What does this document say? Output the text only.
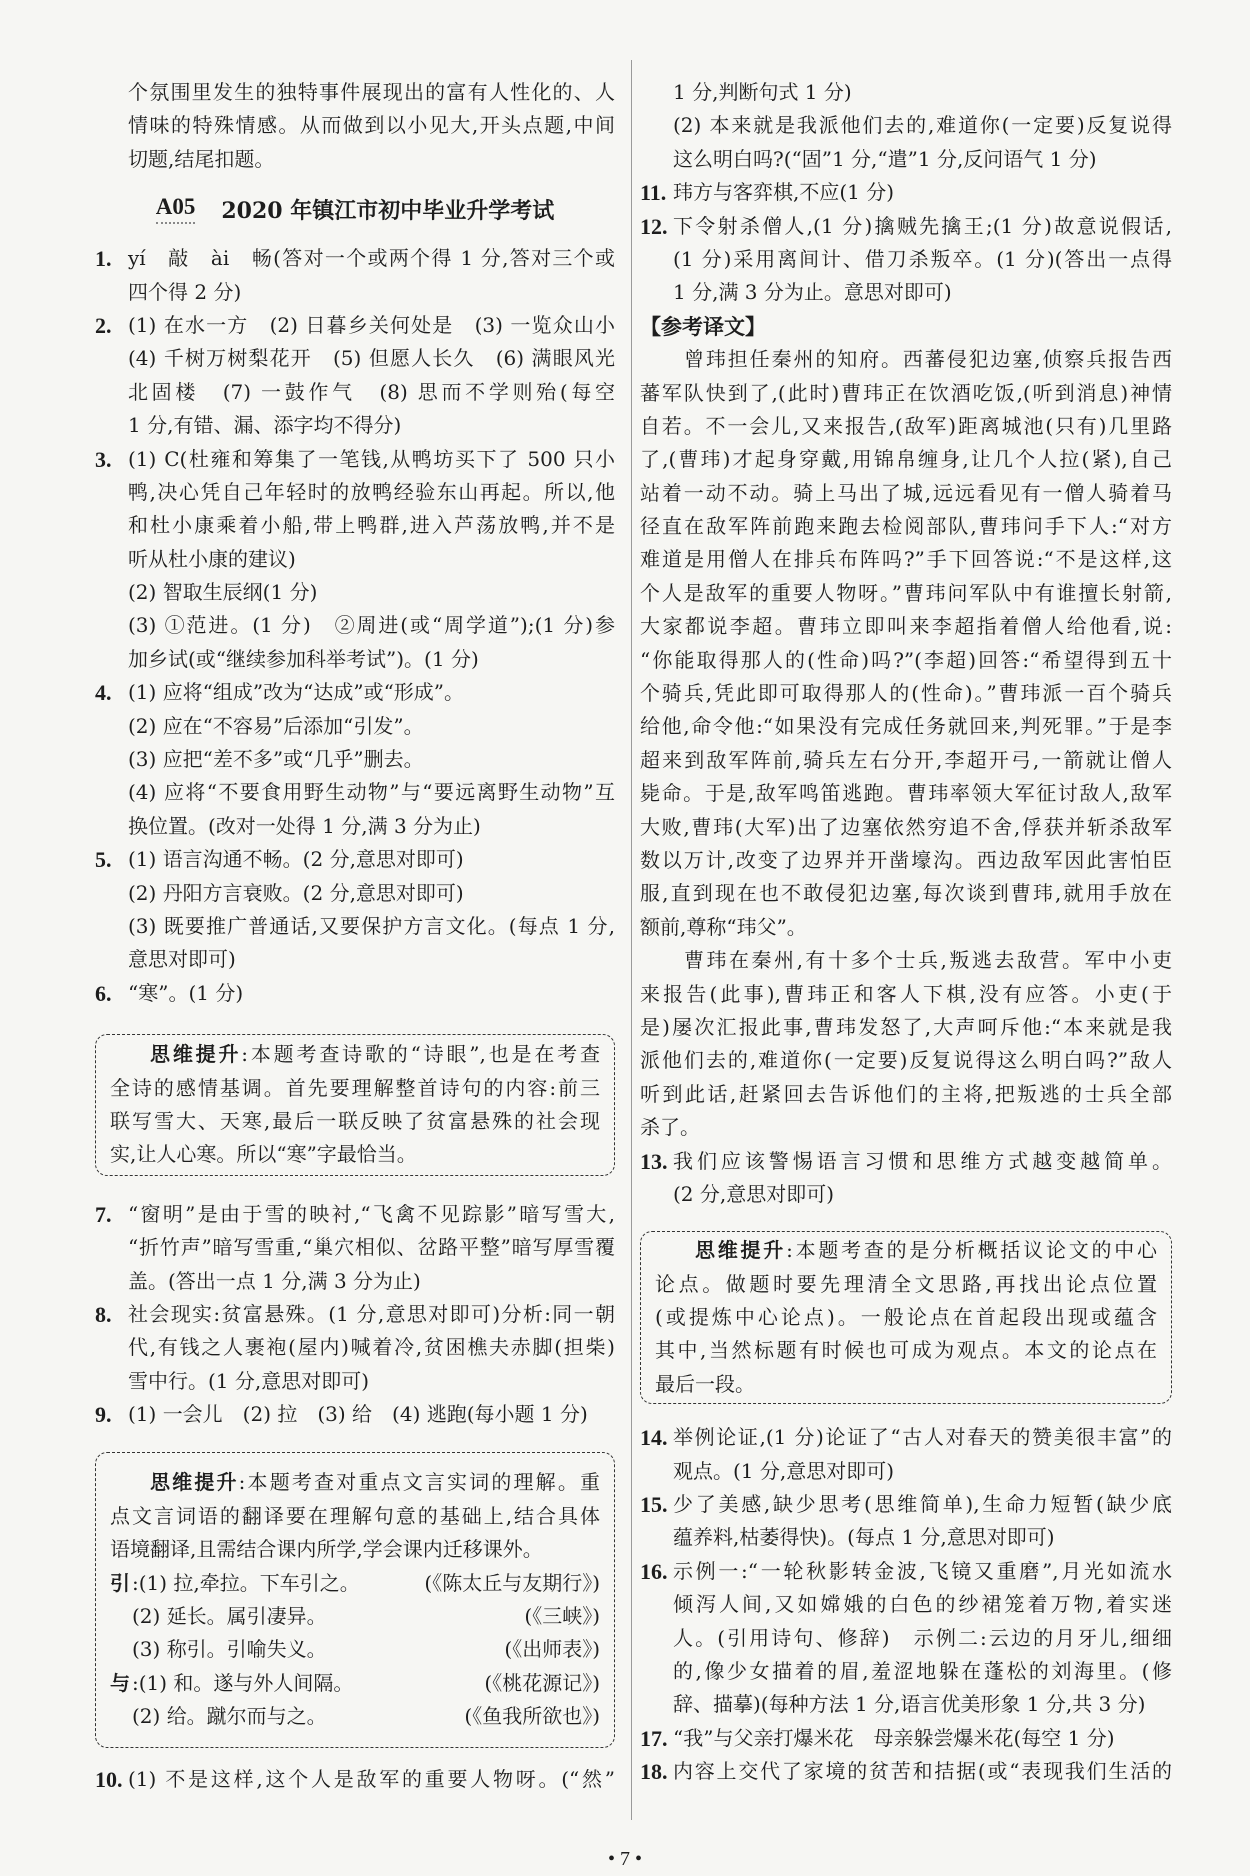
个氛围里发生的独特事件展现出的富有人性化的、人
情味的特殊情感。从而做到以小见大,开头点题,中间
切题,结尾扣题。
A05 2020 年镇江市初中毕业升学考试
1. yí　敲　ài　畅(答对一个或两个得 1 分,答对三个或
四个得 2 分)
2. (1) 在水一方　(2) 日暮乡关何处是　(3) 一览众山小
(4) 千树万树梨花开　(5) 但愿人长久　(6) 满眼风光
北固楼　(7) 一鼓作气　(8) 思而不学则殆(每空
1 分,有错、漏、添字均不得分)
3. (1) C(杜雍和筹集了一笔钱,从鸭坊买下了 500 只小
鸭,决心凭自己年轻时的放鸭经验东山再起。所以,他
和杜小康乘着小船,带上鸭群,进入芦荡放鸭,并不是
听从杜小康的建议)
(2) 智取生辰纲(1 分)
(3) ①范进。(1 分)　②周进(或“周学道”);(1 分)参
加乡试(或“继续参加科举考试”)。(1 分)
4. (1) 应将“组成”改为“达成”或“形成”。
(2) 应在“不容易”后添加“引发”。
(3) 应把“差不多”或“几乎”删去。
(4) 应将“不要食用野生动物”与“要远离野生动物”互
换位置。(改对一处得 1 分,满 3 分为止)
5. (1) 语言沟通不畅。(2 分,意思对即可)
(2) 丹阳方言衰败。(2 分,意思对即可)
(3) 既要推广普通话,又要保护方言文化。(每点 1 分,
意思对即可)
6. “寒”。(1 分)
思维提升:本题考查诗歌的“诗眼”,也是在考查
全诗的感情基调。首先要理解整首诗句的内容:前三
联写雪大、天寒,最后一联反映了贫富悬殊的社会现
实,让人心寒。所以“寒”字最恰当。
7. “窗明”是由于雪的映衬,“飞禽不见踪影”暗写雪大,
“折竹声”暗写雪重,“巢穴相似、岔路平整”暗写厚雪覆
盖。(答出一点 1 分,满 3 分为止)
8. 社会现实:贫富悬殊。(1 分,意思对即可)分析:同一朝
代,有钱之人裹袍(屋内)喊着冷,贫困樵夫赤脚(担柴)
雪中行。(1 分,意思对即可)
9. (1) 一会儿　(2) 拉　(3) 给　(4) 逃跑(每小题 1 分)
思维提升:本题考查对重点文言实词的理解。重
点文言词语的翻译要在理解句意的基础上,结合具体
语境翻译,且需结合课内所学,学会课内迁移课外。
引 :(1) 拉,牵拉。下车引之。	(《陈太丘与友期行》)
(2) 延长。属引凄异。	(《三峡》)
(3) 称引。引喻失义。	(《出师表》)
与 :(1) 和。遂与外人间隔。	(《桃花源记》)
(2) 给。蹴尔而与之。	(《鱼我所欲也》)
10. (1) 不是这样,这个人是敌军的重要人物呀。(“然”
1 分,判断句式 1 分)
(2) 本来就是我派他们去的,难道你(一定要)反复说得
这么明白吗?(“固”1 分,“遣”1 分,反问语气 1 分)
11. 玮方与客弈棋,不应(1 分)
12. 下令射杀僧人,(1 分)擒贼先擒王;(1 分)故意说假话,
(1 分)采用离间计、借刀杀叛卒。(1 分)(答出一点得
1 分,满 3 分为止。意思对即可)
【参考译文】
曾玮担任秦州的知府。西蕃侵犯边塞,侦察兵报告西
蕃军队快到了,(此时)曹玮正在饮酒吃饭,(听到消息)神情
自若。不一会儿,又来报告,(敌军)距离城池(只有)几里路
了,(曹玮)才起身穿戴,用锦帛缠身,让几个人拉(紧),自己
站着一动不动。骑上马出了城,远远看见有一僧人骑着马
径直在敌军阵前跑来跑去检阅部队,曹玮问手下人:“对方
难道是用僧人在排兵布阵吗?”手下回答说:“不是这样,这
个人是敌军的重要人物呀。”曹玮问军队中有谁擅长射箭,
大家都说李超。曹玮立即叫来李超指着僧人给他看,说:
“你能取得那人的(性命)吗?”(李超)回答:“希望得到五十
个骑兵,凭此即可取得那人的(性命)。”曹玮派一百个骑兵
给他,命令他:“如果没有完成任务就回来,判死罪。”于是李
超来到敌军阵前,骑兵左右分开,李超开弓,一箭就让僧人
毙命。于是,敌军鸣笛逃跑。曹玮率领大军征讨敌人,敌军
大败,曹玮(大军)出了边塞依然穷追不舍,俘获并斩杀敌军
数以万计,改变了边界并开凿壕沟。西边敌军因此害怕臣
服,直到现在也不敢侵犯边塞,每次谈到曹玮,就用手放在
额前,尊称“玮父”。
曹玮在秦州,有十多个士兵,叛逃去敌营。军中小吏
来报告(此事),曹玮正和客人下棋,没有应答。小吏(于
是)屡次汇报此事,曹玮发怒了,大声呵斥他:“本来就是我
派他们去的,难道你(一定要)反复说得这么明白吗?”敌人
听到此话,赶紧回去告诉他们的主将,把叛逃的士兵全部
杀了。
13. 我们应该警惕语言习惯和思维方式越变越简单。
(2 分,意思对即可)
思维提升:本题考查的是分析概括议论文的中心
论点。做题时要先理清全文思路,再找出论点位置
(或提炼中心论点)。一般论点在首起段出现或蕴含
其中,当然标题有时候也可成为观点。本文的论点在
最后一段。
14. 举例论证,(1 分)论证了“古人对春天的赞美很丰富”的
观点。(1 分,意思对即可)
15. 少了美感,缺少思考(思维简单),生命力短暂(缺少底
蕴养料,枯萎得快)。(每点 1 分,意思对即可)
16. 示例一:“一轮秋影转金波,飞镜又重磨”,月光如流水
倾泻人间,又如嫦娥的白色的纱裙笼着万物,着实迷
人。(引用诗句、修辞)　示例二:云边的月牙儿,细细
的,像少女描着的眉,羞涩地躲在蓬松的刘海里。(修
辞、描摹)(每种方法 1 分,语言优美形象 1 分,共 3 分)
17. “我”与父亲打爆米花　母亲躲尝爆米花(每空 1 分)
18. 内容上交代了家境的贫苦和拮据(或“表现我们生活的
• 7 •
